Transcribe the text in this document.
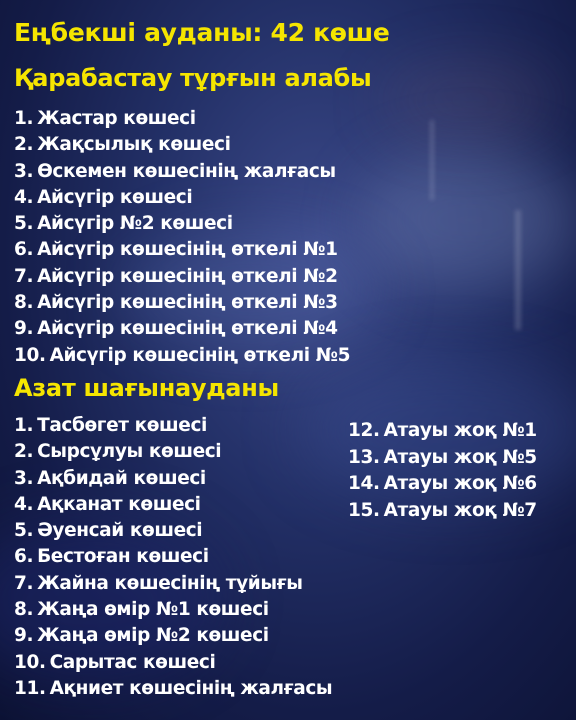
Еңбекші ауданы: 42 көше
Қарабастау тұрғын алабы
1. Жастар көшесі
2. Жақсылық көшесі
3. Өскемен көшесінің жалғасы
4. Айсүгір көшесі
5. Айсүгір №2 көшесі
6. Айсүгір көшесінің өткелі №1
7. Айсүгір көшесінің өткелі №2
8. Айсүгір көшесінің өткелі №3
9. Айсүгір көшесінің өткелі №4
10. Айсүгір көшесінің өткелі №5
Азат шағынауданы
1. Тасбөгет көшесі
2. Сырсұлуы көшесі
3. Ақбидай көшесі
4. Ақканат көшесі
5. Әуенсай көшесі
6. Бестоған көшесі
7. Жайна көшесінің тұйығы
8. Жаңа өмір №1 көшесі
9. Жаңа өмір №2 көшесі
10. Сарытас көшесі
11. Ақниет көшесінің жалғасы
12. Атауы жоқ №1
13. Атауы жоқ №5
14. Атауы жоқ №6
15. Атауы жоқ №7
